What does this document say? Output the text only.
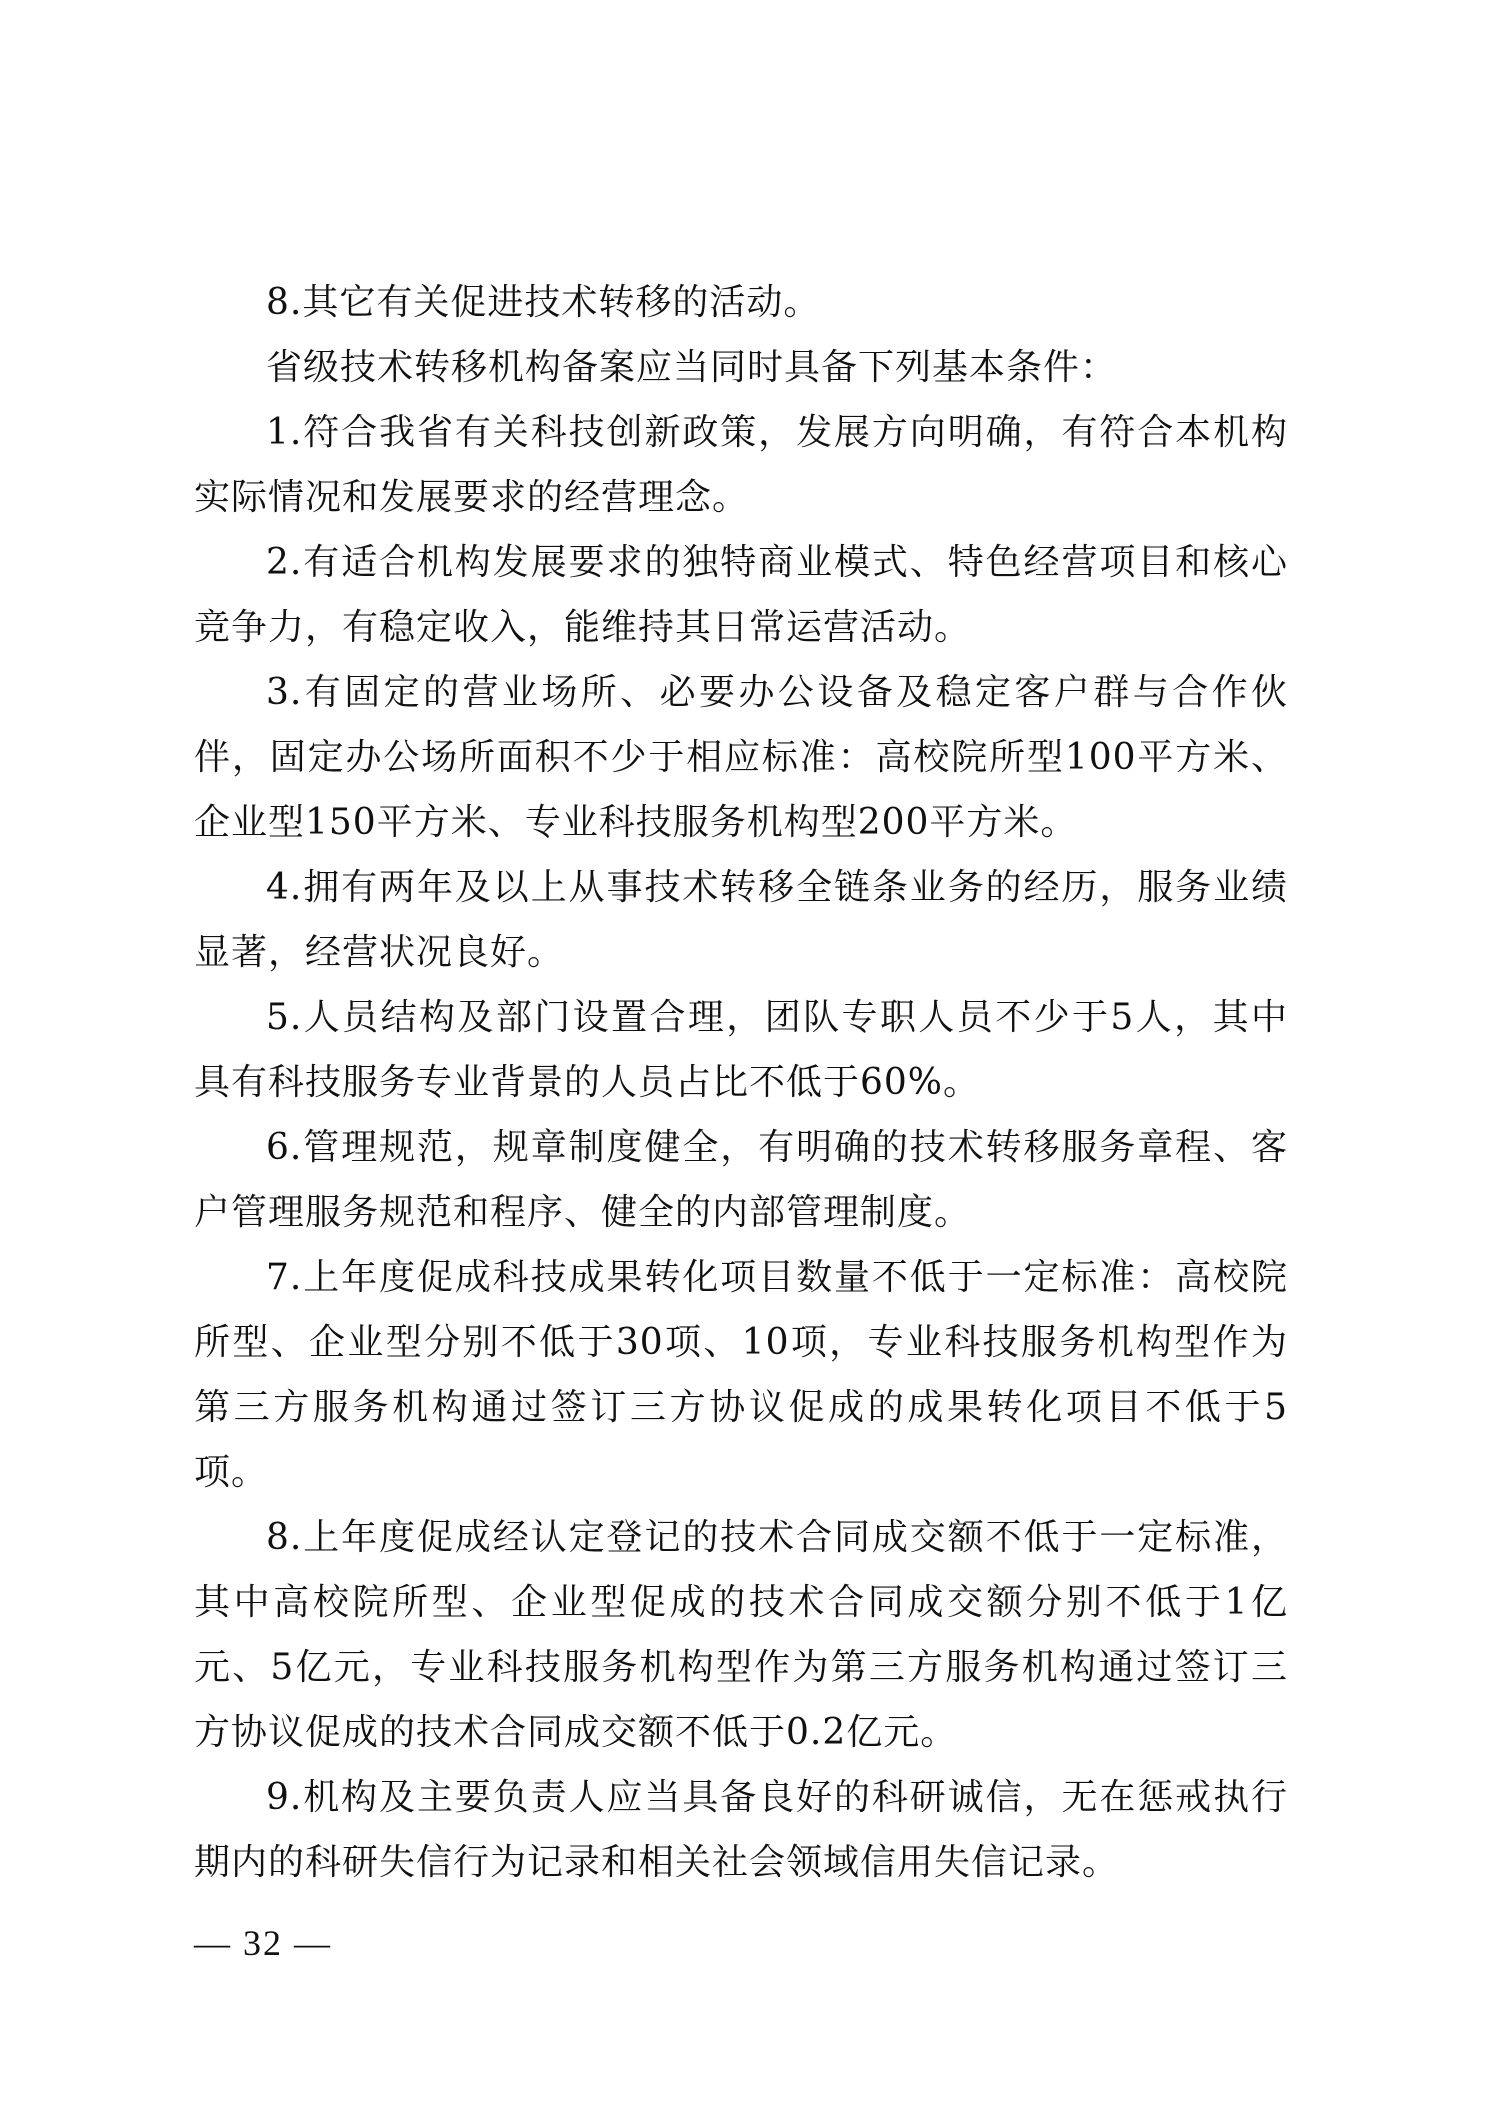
8.其它有关促进技术转移的活动。

省级技术转移机构备案应当同时具备下列基本条件：

1.符合我省有关科技创新政策，发展方向明确，有符合本机构实际情况和发展要求的经营理念。

2.有适合机构发展要求的独特商业模式、特色经营项目和核心竞争力，有稳定收入，能维持其日常运营活动。

3.有固定的营业场所、必要办公设备及稳定客户群与合作伙伴，固定办公场所面积不少于相应标准：高校院所型100平方米、企业型150平方米、专业科技服务机构型200平方米。

4.拥有两年及以上从事技术转移全链条业务的经历，服务业绩显著，经营状况良好。

5.人员结构及部门设置合理，团队专职人员不少于5人，其中具有科技服务专业背景的人员占比不低于60%。

6.管理规范，规章制度健全，有明确的技术转移服务章程、客户管理服务规范和程序、健全的内部管理制度。

7.上年度促成科技成果转化项目数量不低于一定标准：高校院所型、企业型分别不低于30项、10项，专业科技服务机构型作为第三方服务机构通过签订三方协议促成的成果转化项目不低于5项。

8.上年度促成经认定登记的技术合同成交额不低于一定标准，其中高校院所型、企业型促成的技术合同成交额分别不低于1亿元、5亿元，专业科技服务机构型作为第三方服务机构通过签订三方协议促成的技术合同成交额不低于0.2亿元。

9.机构及主要负责人应当具备良好的科研诚信，无在惩戒执行期内的科研失信行为记录和相关社会领域信用失信记录。

— 32 —
